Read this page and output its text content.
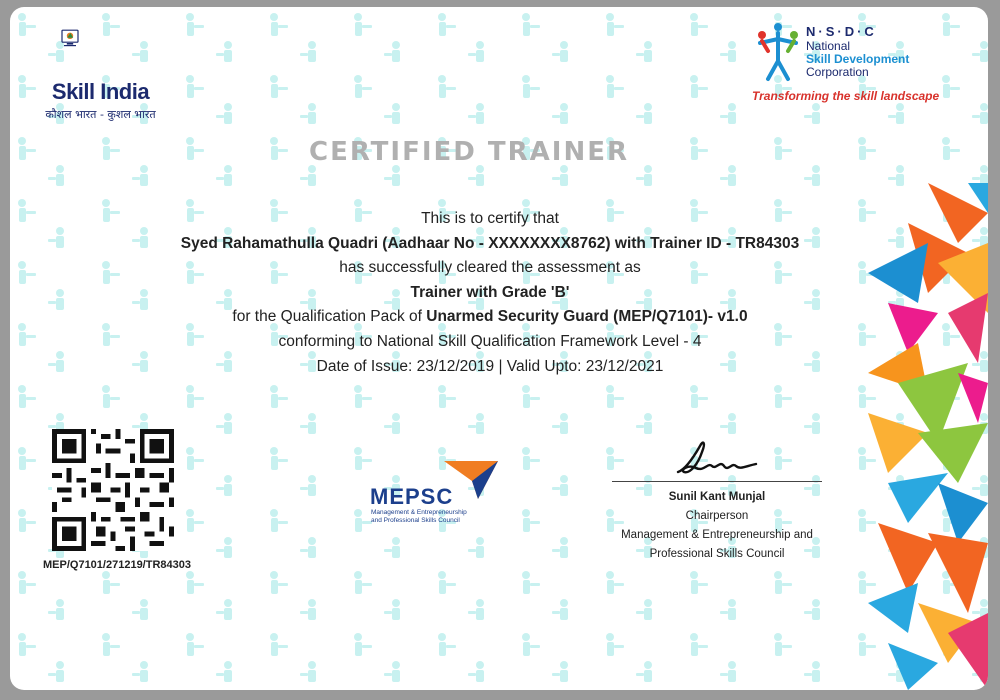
Skill India
कौशल भारत - कुशल भारत
N·S·D·C
National
Skill Development
Corporation
Transforming the skill landscape
CERTIFIED TRAINER
This is to certify that
Syed Rahamathulla Quadri (Aadhaar No - XXXXXXXX8762) with Trainer ID - TR84303
has successfully cleared the assessment as
Trainer with Grade 'B'
for the Qualification Pack of Unarmed Security Guard (MEP/Q7101)- v1.0
conforming to National Skill Qualification Framework Level - 4
Date of Issue: 23/12/2019 | Valid Upto: 23/12/2021
MEP/Q7101/271219/TR84303
MEPSC
Management & Entrepreneurship
and Professional Skills Council
Sunil Kant Munjal
Chairperson
Management & Entrepreneurship and
Professional Skills Council
